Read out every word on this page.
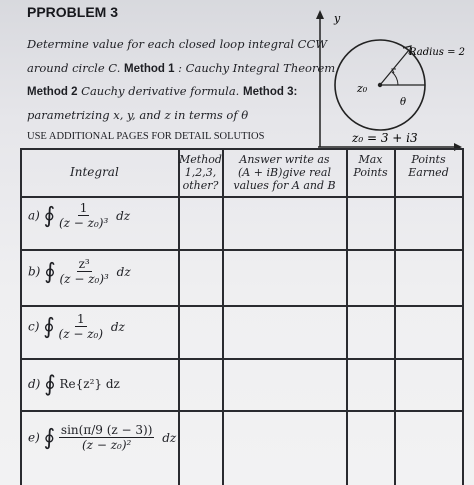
PPROBLEM 3
Determine value for each closed loop integral CCW
around circle C. Method 1 : Cauchy Integral Theorem
Method 2 Cauchy derivative formula. Method 3:
parametrizing x, y, and z in terms of θ
USE ADDITIONAL PAGES FOR DETAIL SOLUTIOS
y
Radius = 2
z₀
θ
z₀ = 3 + i3
Integral
Method
1,2,3,
other?
Answer write as
(A + iB)give real
values for A and B
Max
Points
Points
Earned
a) ∮ $\frac{1}{\text{(z − z₀)³}}$ dz
b) ∮ $\frac{\text{z³}}{\text{(z − z₀)³}}$ dz
c) ∮ $\frac{1}{\text{(z − z₀)}}$ dz
d) ∮ Re{z²} dz
e) ∮ $\frac{\sin(\pi/9 (z - 3))}{\text{(z − z₀)²}}$ dz
